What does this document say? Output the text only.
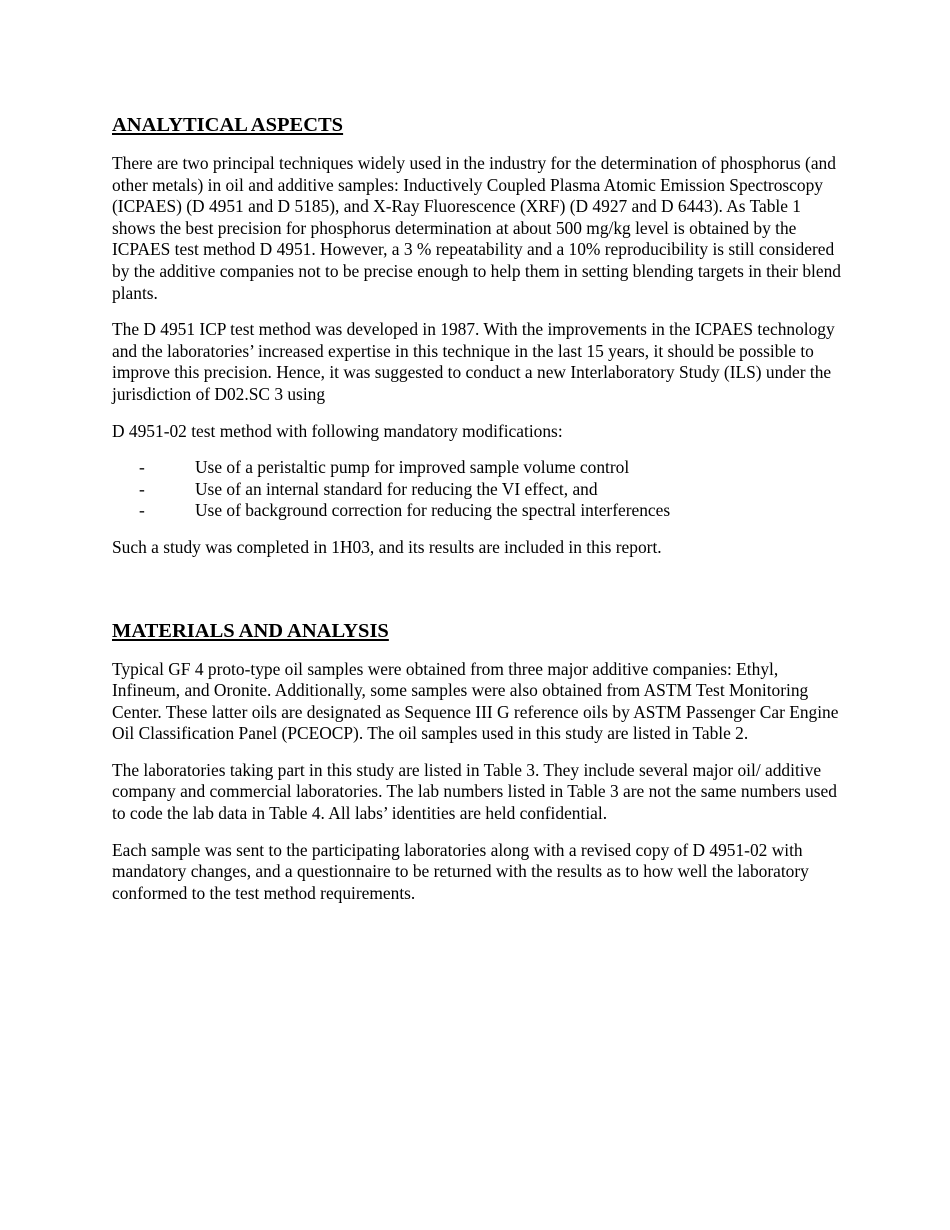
ANALYTICAL ASPECTS

There are two principal techniques widely used in the industry for the determination of phosphorus (and other metals) in oil and additive samples: Inductively Coupled Plasma Atomic Emission Spectroscopy (ICPAES) (D 4951 and D 5185), and X-Ray Fluorescence (XRF) (D 4927 and D 6443). As Table 1 shows the best precision for phosphorus determination at about 500 mg/kg level is obtained by the ICPAES test method D 4951. However, a 3 % repeatability and a 10% reproducibility is still considered by the additive companies not to be precise enough to help them in setting blending targets in their blend plants.

The D 4951 ICP test method was developed in 1987. With the improvements in the ICPAES technology and the laboratories’ increased expertise in this technique in the last 15 years, it should be possible to improve this precision. Hence, it was suggested to conduct a new Interlaboratory Study (ILS) under the jurisdiction of D02.SC 3 using

D 4951-02 test method with following mandatory modifications:

-	Use of a peristaltic pump for improved sample volume control
-	Use of an internal standard for reducing the VI effect, and
-	Use of background correction for reducing the spectral interferences

Such a study was completed in 1H03, and its results are included in this report.

MATERIALS AND ANALYSIS

Typical GF 4 proto-type oil samples were obtained from three major additive companies: Ethyl, Infineum, and Oronite. Additionally, some samples were also obtained from ASTM Test Monitoring Center. These latter oils are designated as Sequence III G reference oils by ASTM Passenger Car Engine Oil Classification Panel (PCEOCP). The oil samples used in this study are listed in Table 2.

The laboratories taking part in this study are listed in Table 3. They include several major oil/ additive company and commercial laboratories. The lab numbers listed in Table 3 are not the same numbers used to code the lab data in Table 4. All labs’ identities are held confidential.

Each sample was sent to the participating laboratories along with a revised copy of D 4951-02 with mandatory changes, and a questionnaire to be returned with the results as to how well the laboratory conformed to the test method requirements.
